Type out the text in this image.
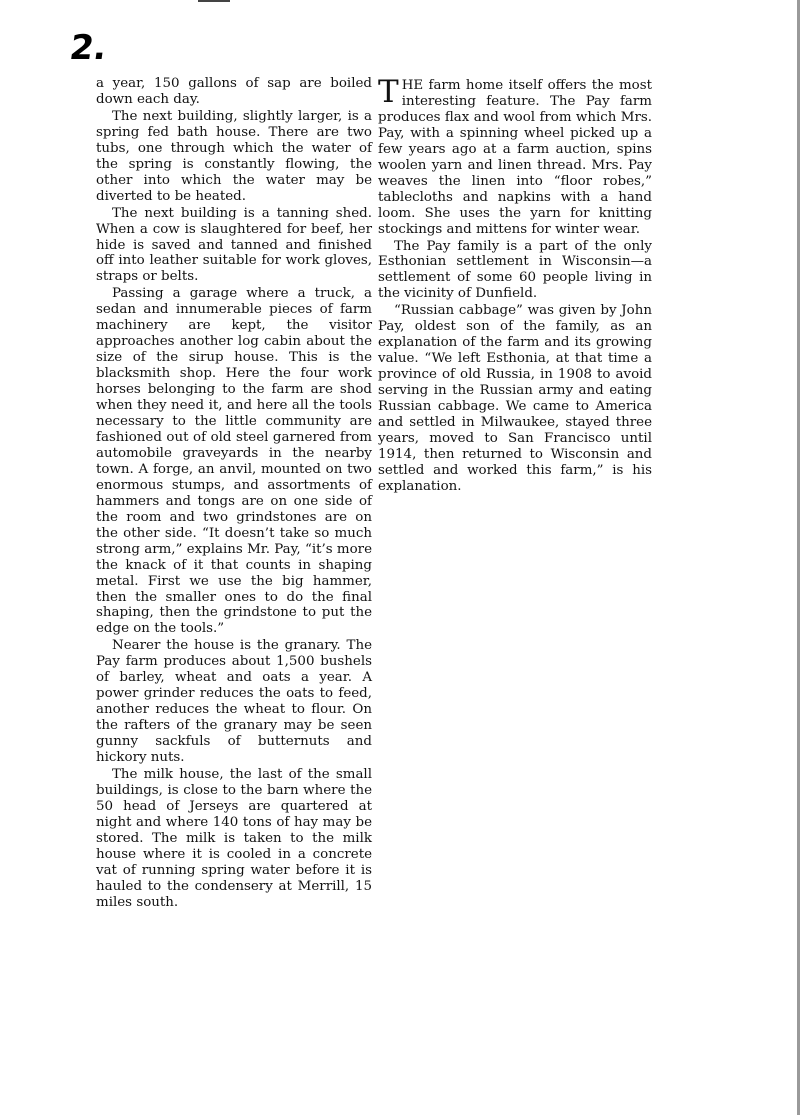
2.

a year, 150 gallons of sap are boiled down each day.

The next building, slightly larger, is a spring fed bath house. There are two tubs, one through which the water of the spring is constantly flowing, the other into which the water may be diverted to be heated.

The next building is a tanning shed. When a cow is slaughtered for beef, her hide is saved and tanned and finished off into leather suitable for work gloves, straps or belts.

Passing a garage where a truck, a sedan and innumerable pieces of farm machinery are kept, the visitor approaches another log cabin about the size of the sirup house. This is the blacksmith shop. Here the four work horses belonging to the farm are shod when they need it, and here all the tools necessary to the little community are fashioned out of old steel garnered from automobile graveyards in the nearby town. A forge, an anvil, mounted on two enormous stumps, and assortments of hammers and tongs are on one side of the room and two grindstones are on the other side. “It doesn’t take so much strong arm,” explains Mr. Pay, “it’s more the knack of it that counts in shaping metal. First we use the big hammer, then the smaller ones to do the final shaping, then the grindstone to put the edge on the tools.”

Nearer the house is the granary. The Pay farm produces about 1,500 bushels of barley, wheat and oats a year. A power grinder reduces the oats to feed, another reduces the wheat to flour. On the rafters of the granary may be seen gunny sackfuls of butternuts and hickory nuts.

The milk house, the last of the small buildings, is close to the barn where the 50 head of Jerseys are quartered at night and where 140 tons of hay may be stored. The milk is taken to the milk house where it is cooled in a concrete vat of running spring water before it is hauled to the condensery at Merrill, 15 miles south.

THE farm home itself offers the most interesting feature. The Pay farm produces flax and wool from which Mrs. Pay, with a spinning wheel picked up a few years ago at a farm auction, spins woolen yarn and linen thread. Mrs. Pay weaves the linen into “floor robes,” tablecloths and napkins with a hand loom. She uses the yarn for knitting stockings and mittens for winter wear.

The Pay family is a part of the only Esthonian settlement in Wisconsin—a settlement of some 60 people living in the vicinity of Dunfield.

“Russian cabbage” was given by John Pay, oldest son of the family, as an explanation of the farm and its growing value. “We left Esthonia, at that time a province of old Russia, in 1908 to avoid serving in the Russian army and eating Russian cabbage. We came to America and settled in Milwaukee, stayed three years, moved to San Francisco until 1914, then returned to Wisconsin and settled and worked this farm,” is his explanation.
